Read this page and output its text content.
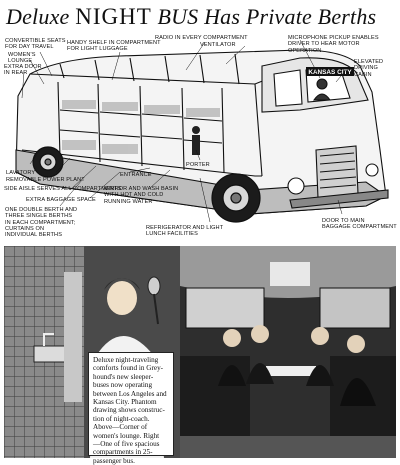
Deluxe NIGHT BUS Has Private Berths
KANSAS CITY
CONVERTIBLE SEATS
FOR DAY TRAVEL
WOMEN'S
LOUNGE
EXTRA DOOR
IN REAR
HANDY SHELF IN COMPARTMENT
FOR LIGHT LUGGAGE
RADIO IN EVERY COMPARTMENT
VENTILATOR
MICROPHONE PICKUP ENABLES
DRIVER TO HEAR MOTOR
OPERATION
ELEVATED
DRIVING
CABIN
LAVATORY
REMOVABLE POWER PLANT
SIDE AISLE SERVES ALL COMPARTMENTS
PORTER
EXTRA BAGGAGE SPACE
ENTRANCE
ONE DOUBLE BERTH AND
THREE SINGLE BERTHS
IN EACH COMPARTMENT;
CURTAINS ON
INDIVIDUAL BERTHS
MIRROR AND WASH BASIN
WITH HOT AND COLD
RUNNING WATER
REFRIGERATOR AND LIGHT
LUNCH FACILITIES
DOOR TO MAIN
BAGGAGE COMPARTMENT
Deluxe night-traveling
comforts found in Grey-
hound's new sleeper-
buses now operating
between Los Angeles and
Kansas City. Phantom
drawing shows construc-
tion of night-coach.
Above—Corner of
women's lounge. Right
—One of five spacious
compartments in 25-
passenger bus.
